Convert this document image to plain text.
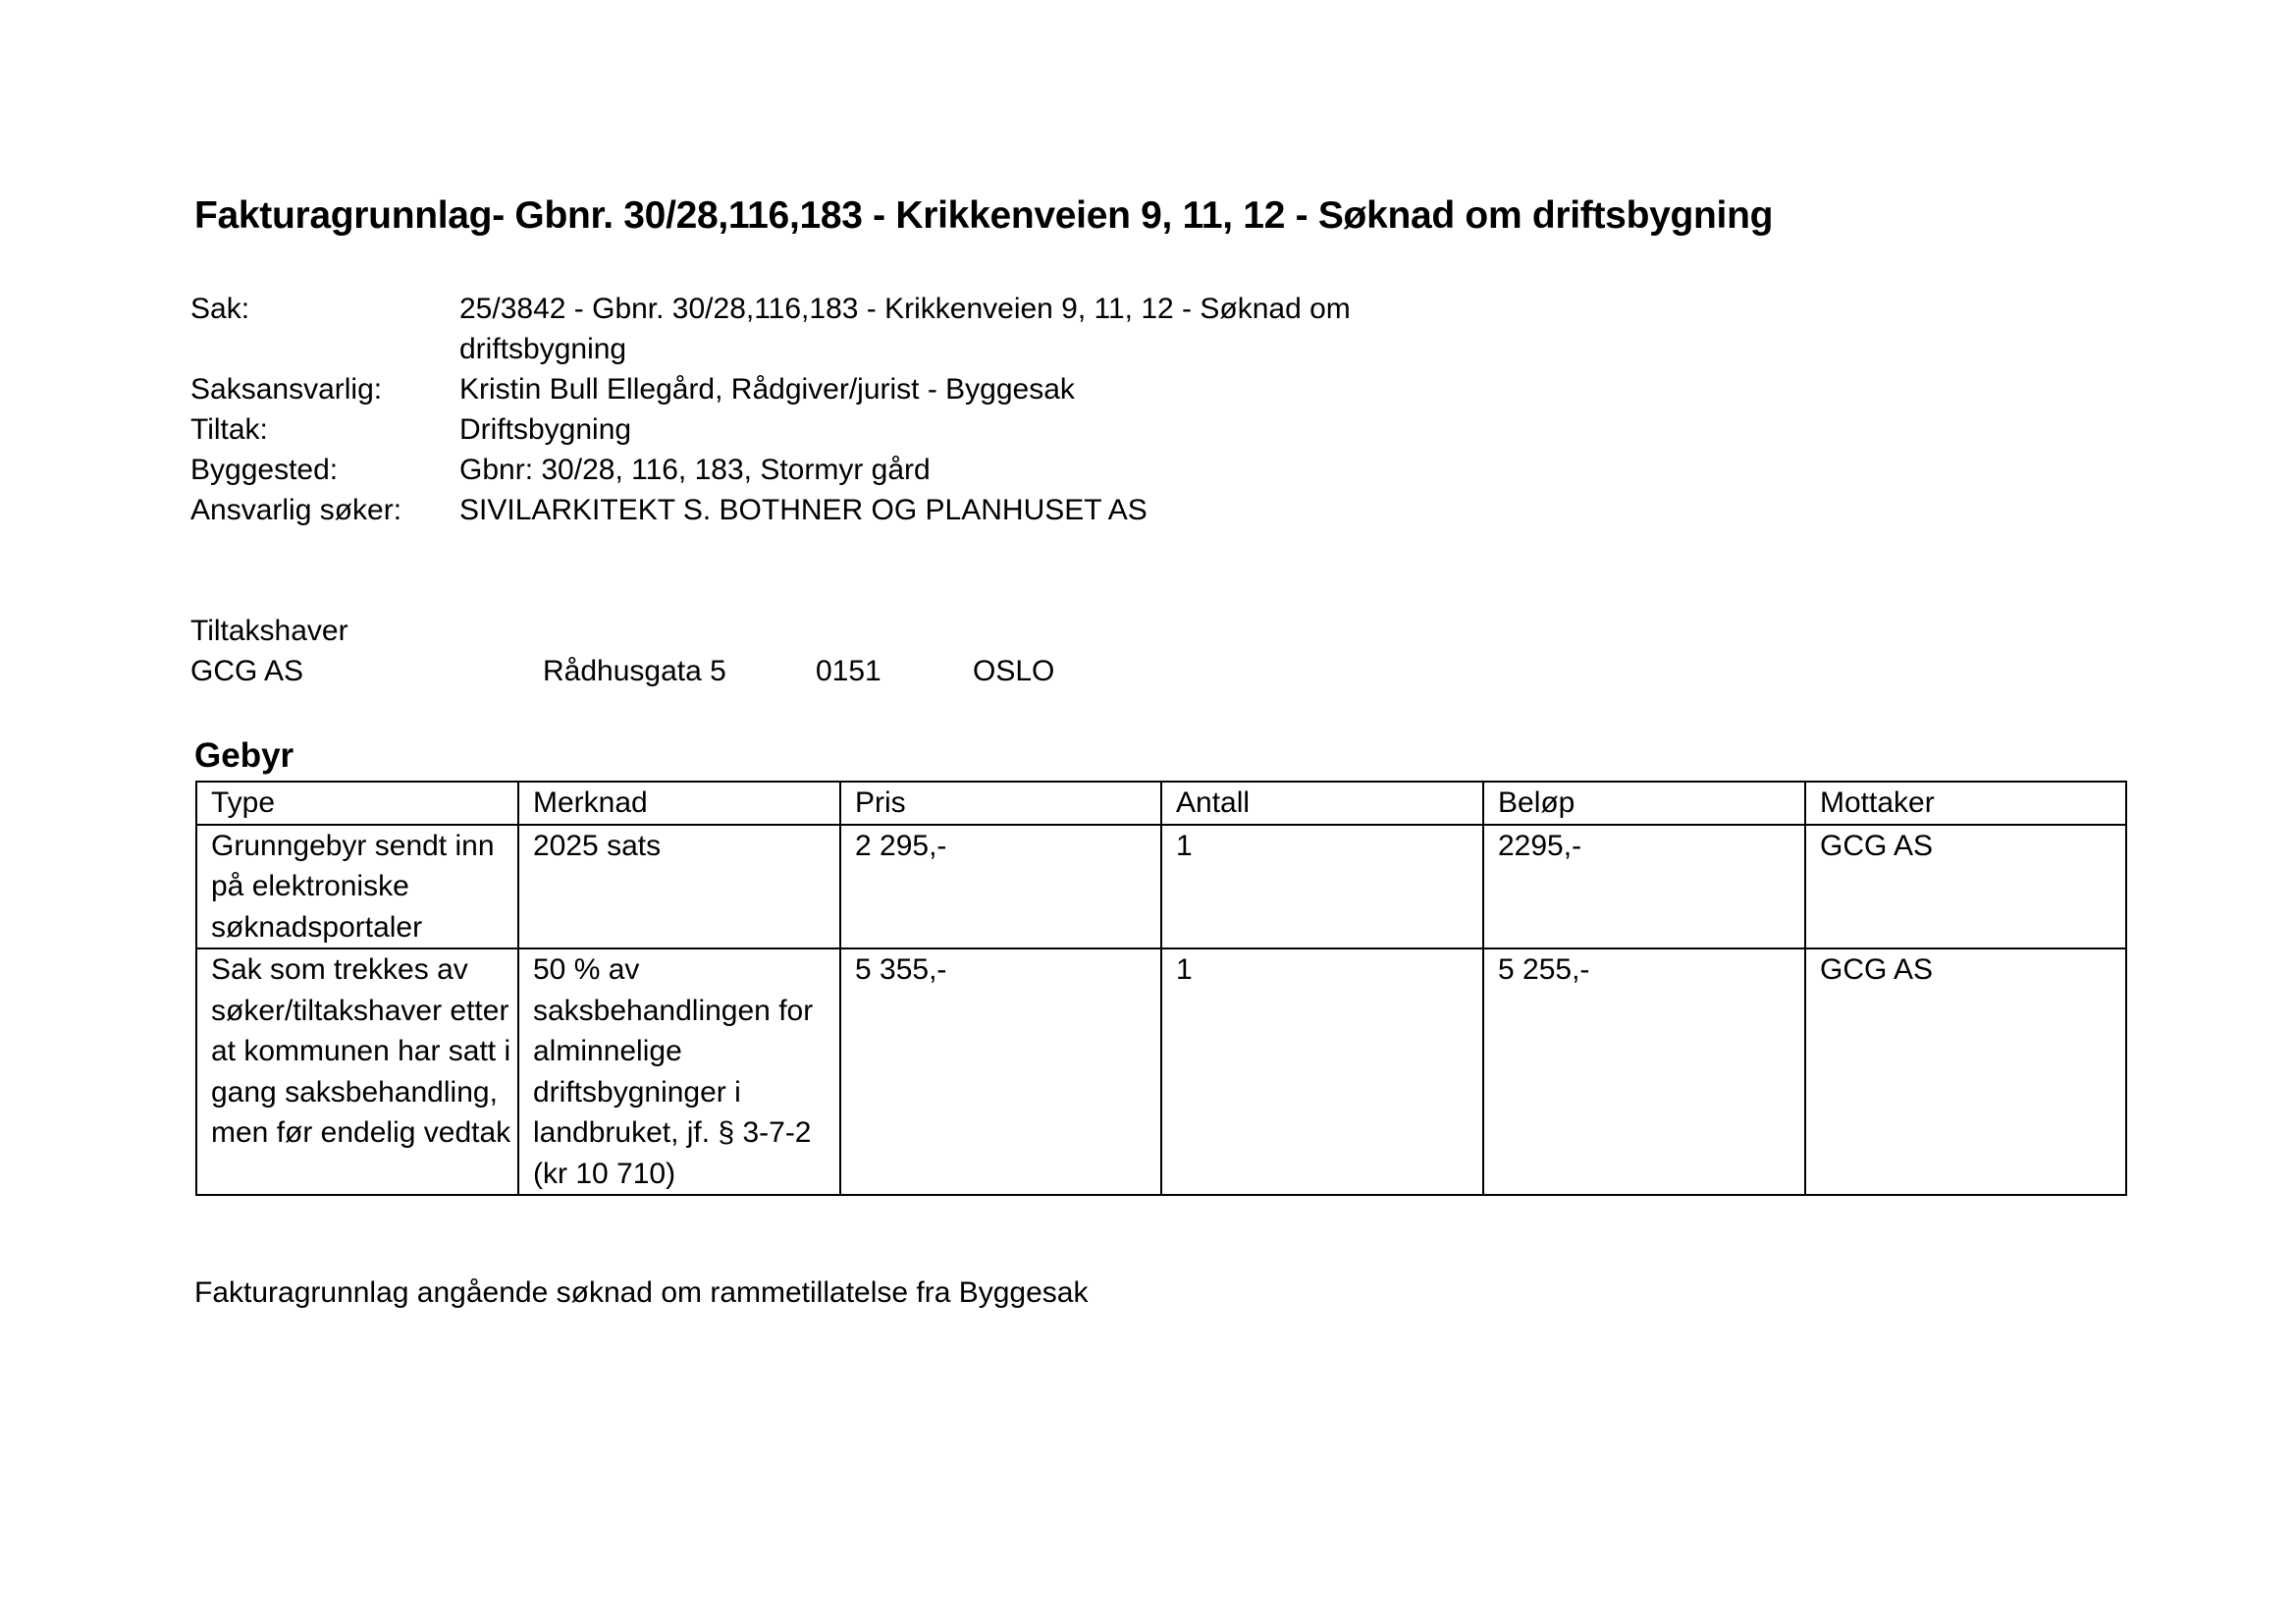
Fakturagrunnlag- Gbnr. 30/28,116,183 - Krikkenveien 9, 11, 12 - Søknad om driftsbygning
Sak:	25/3842 - Gbnr. 30/28,116,183 - Krikkenveien 9, 11, 12 - Søknad om driftsbygning
Saksansvarlig:	Kristin Bull Ellegård, Rådgiver/jurist - Byggesak
Tiltak:	Driftsbygning
Byggested:	Gbnr: 30/28, 116, 183, Stormyr gård
Ansvarlig søker:	SIVILARKITEKT S. BOTHNER OG PLANHUSET AS
Tiltakshaver
GCG AS	Rådhusgata 5	0151	OSLO
Gebyr
Type	Merknad	Pris	Antall	Beløp	Mottaker
Grunngebyr sendt inn på elektroniske søknadsportaler	2025 sats	2 295,-	1	2295,-	GCG AS
Sak som trekkes av søker/tiltakshaver etter at kommunen har satt i gang saksbehandling, men før endelig vedtak	50 % av saksbehandlingen for alminnelige driftsbygninger i landbruket, jf. § 3-7-2 (kr 10 710)	5 355,-	1	5 255,-	GCG AS
Fakturagrunnlag angående søknad om rammetillatelse fra Byggesak
